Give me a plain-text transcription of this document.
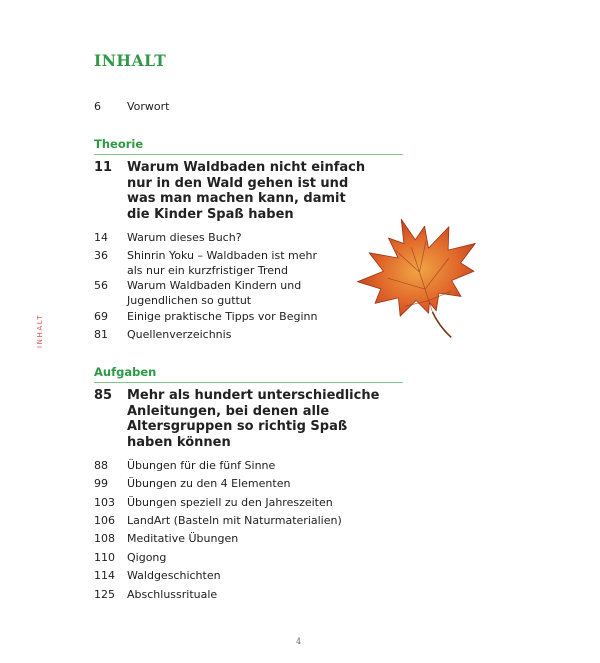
INHALT
INHALT
6	Vorwort
Theorie
11	Warum Waldbaden nicht einfach
nur in den Wald gehen ist und
was man machen kann, damit
die Kinder Spaß haben
14	Warum dieses Buch?
36	Shinrin Yoku – Waldbaden ist mehr
als nur ein kurzfristiger Trend
56	Warum Waldbaden Kindern und
Jugendlichen so guttut
69	Einige praktische Tipps vor Beginn
81	Quellenverzeichnis
Aufgaben
85	Mehr als hundert unterschiedliche
Anleitungen, bei denen alle
Altersgruppen so richtig Spaß
haben können
88	Übungen für die fünf Sinne
99	Übungen zu den 4 Elementen
103	Übungen speziell zu den Jahreszeiten
106	LandArt (Basteln mit Naturmaterialien)
108	Meditative Übungen
110	Qigong
114	Waldgeschichten
125	Abschlussrituale
4
